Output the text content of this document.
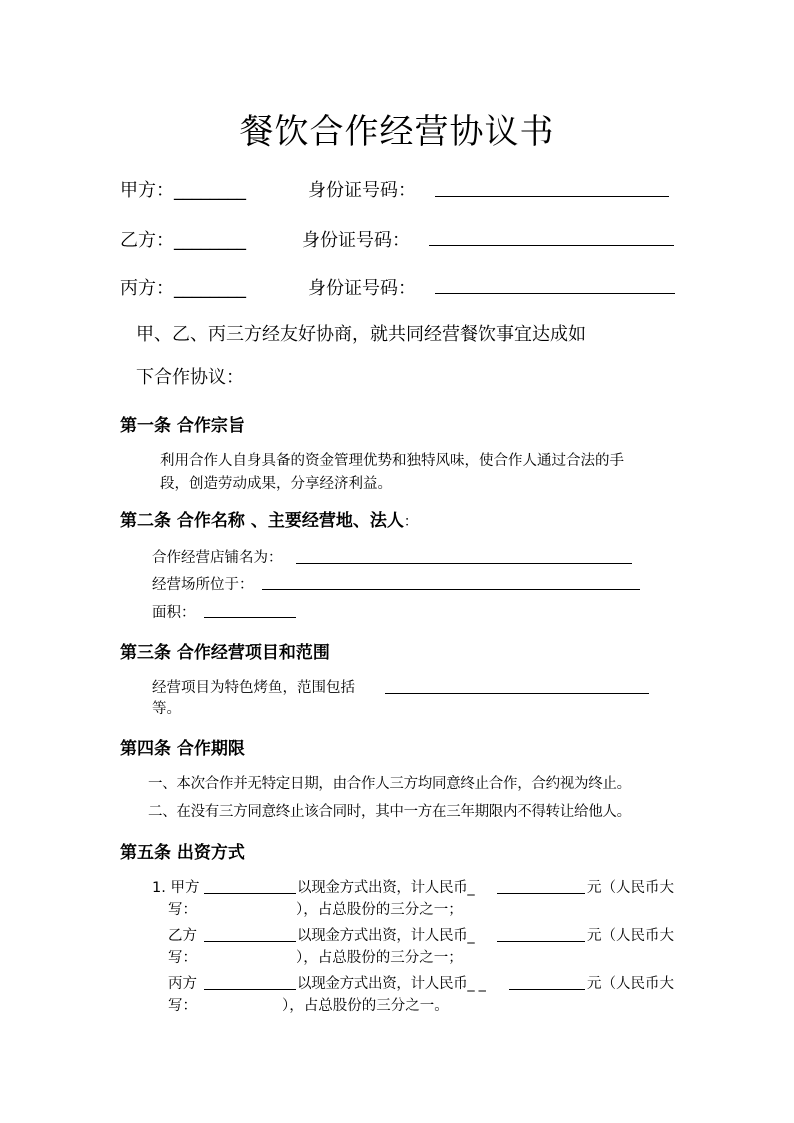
餐饮合作经营协议书
甲方：________	身份证号码：
乙方：________	身份证号码：
丙方：________	身份证号码：
甲、乙、丙三方经友好协商，就共同经营餐饮事宜达成如
下合作协议：
第一条 合作宗旨
利用合作人自身具备的资金管理优势和独特风味，使合作人通过合法的手
段，创造劳动成果，分享经济利益。
第二条 合作名称 、主要经营地、法人：
合作经营店铺名为：
经营场所位于：
面积：
第三条 合作经营项目和范围
经营项目为特色烤鱼，范围包括
等。
第四条 合作期限
一、本次合作并无特定日期，由合作人三方均同意终止合作，合约视为终止。
二、在没有三方同意终止该合同时，其中一方在三年期限内不得转让给他人。
第五条 出资方式
1. 甲方	以现金方式出资，计人民币_	元（人民币大
写：	），占总股份的三分之一；
乙方	以现金方式出资，计人民币_	元（人民币大
写：	），占总股份的三分之一；
丙方	以现金方式出资，计人民币_ _	元（人民币大
写：	），占总股份的三分之一。
